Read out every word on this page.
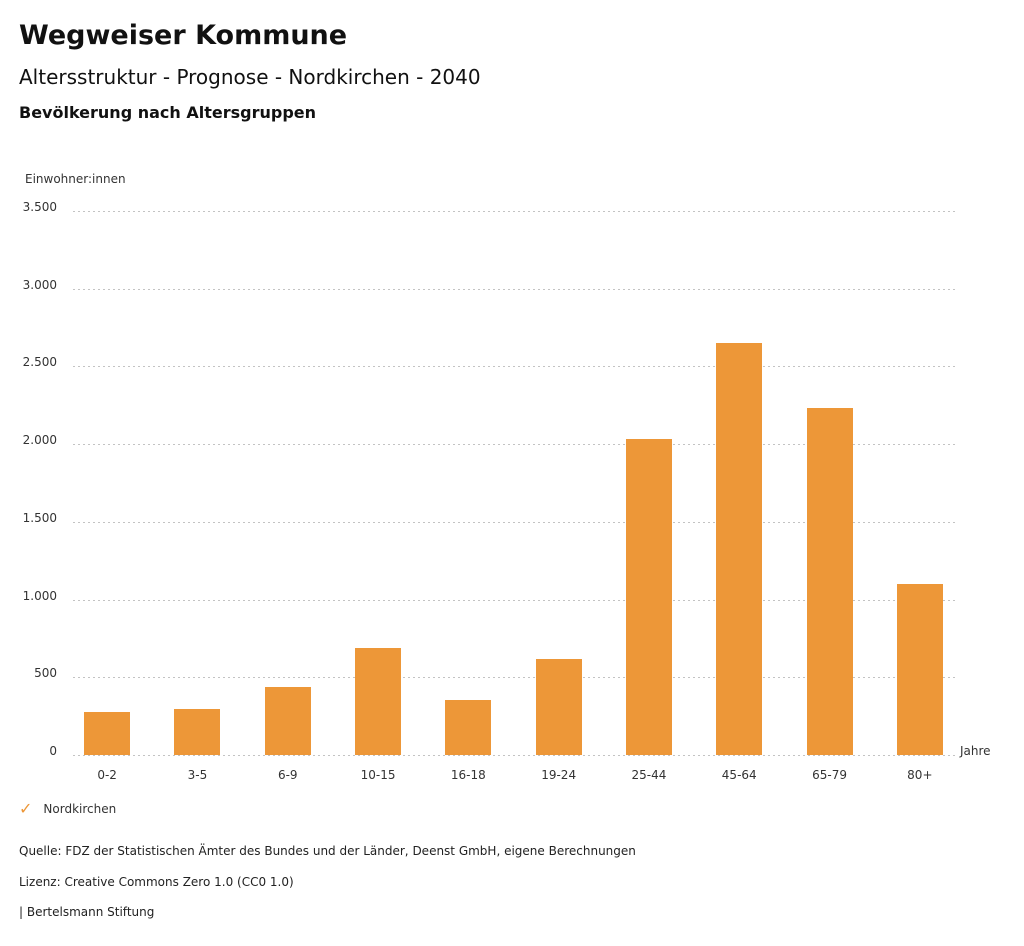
Wegweiser Kommune
Altersstruktur - Prognose - Nordkirchen - 2040
Bevölkerung nach Altersgruppen
Einwohner:innen
0
500
1.000
1.500
2.000
2.500
3.000
3.500
0-2	3-5	6-9	10-15	16-18	19-24	25-44	45-64	65-79	80+
Jahre
✓ Nordkirchen
Quelle: FDZ der Statistischen Ämter des Bundes und der Länder, Deenst GmbH, eigene Berechnungen
Lizenz: Creative Commons Zero 1.0 (CC0 1.0)
| Bertelsmann Stiftung
